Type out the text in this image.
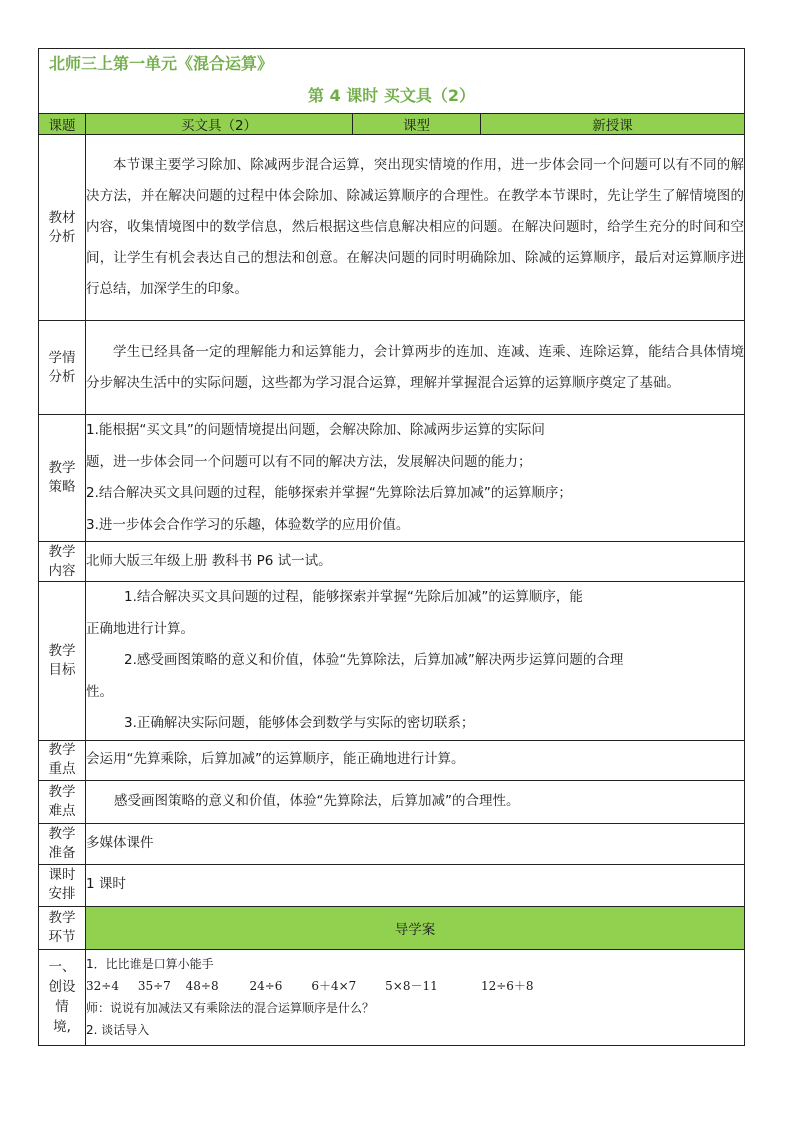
北师三上第一单元《混合运算》
第 4 课时 买文具（2）			

课题	买文具（2）	课型	新授课

教材分析	本节课主要学习除加、除减两步混合运算，突出现实情境的作用，进一步体会同一个问题可以有不同的解决方法，并在解决问题的过程中体会除加、除减运算顺序的合理性。在教学本节课时，先让学生了解情境图的内容，收集情境图中的数学信息，然后根据这些信息解决相应的问题。在解决问题时，给学生充分的时间和空间，让学生有机会表达自己的想法和创意。在解决问题的同时明确除加、除减的运算顺序，最后对运算顺序进行总结，加深学生的印象。		

学情分析	学生已经具备一定的理解能力和运算能力，会计算两步的连加、连减、连乘、连除运算，能结合具体情境分步解决生活中的实际问题，这些都为学习混合运算，理解并掌握混合运算的运算顺序奠定了基础。		

教学策略	1.能根据“买文具”的问题情境提出问题，会解决除加、除减两步运算的实际问
题，进一步体会同一个问题可以有不同的解决方法，发展解决问题的能力；
2.结合解决买文具问题的过程，能够探索并掌握“先算除法后算加减”的运算顺序；
3.进一步体会合作学习的乐趣，体验数学的应用价值。		

教学内容	北师大版三年级上册 教科书 P6 试一试。		

教学目标	1.结合解决买文具问题的过程，能够探索并掌握“先除后加减”的运算顺序，能
正确地进行计算。
2.感受画图策略的意义和价值，体验“先算除法，后算加减”解决两步运算问题的合理
性。
3.正确解决实际问题，能够体会到数学与实际的密切联系；		

教学重点	会运用“先算乘除，后算加减”的运算顺序，能正确地进行计算。		

教学难点	感受画图策略的意义和价值，体验“先算除法，后算加减”的合理性。		

教学准备	多媒体课件		

课时安排	1 课时		

教学环节	导学案		

一、创设情境,	1．比比谁是口算小能手
32÷4 35÷7 48÷8 24÷6 6＋4×7 5×8－11 12÷6＋8
师：说说有加减法又有乘除法的混合运算顺序是什么？
2. 谈话导入		
